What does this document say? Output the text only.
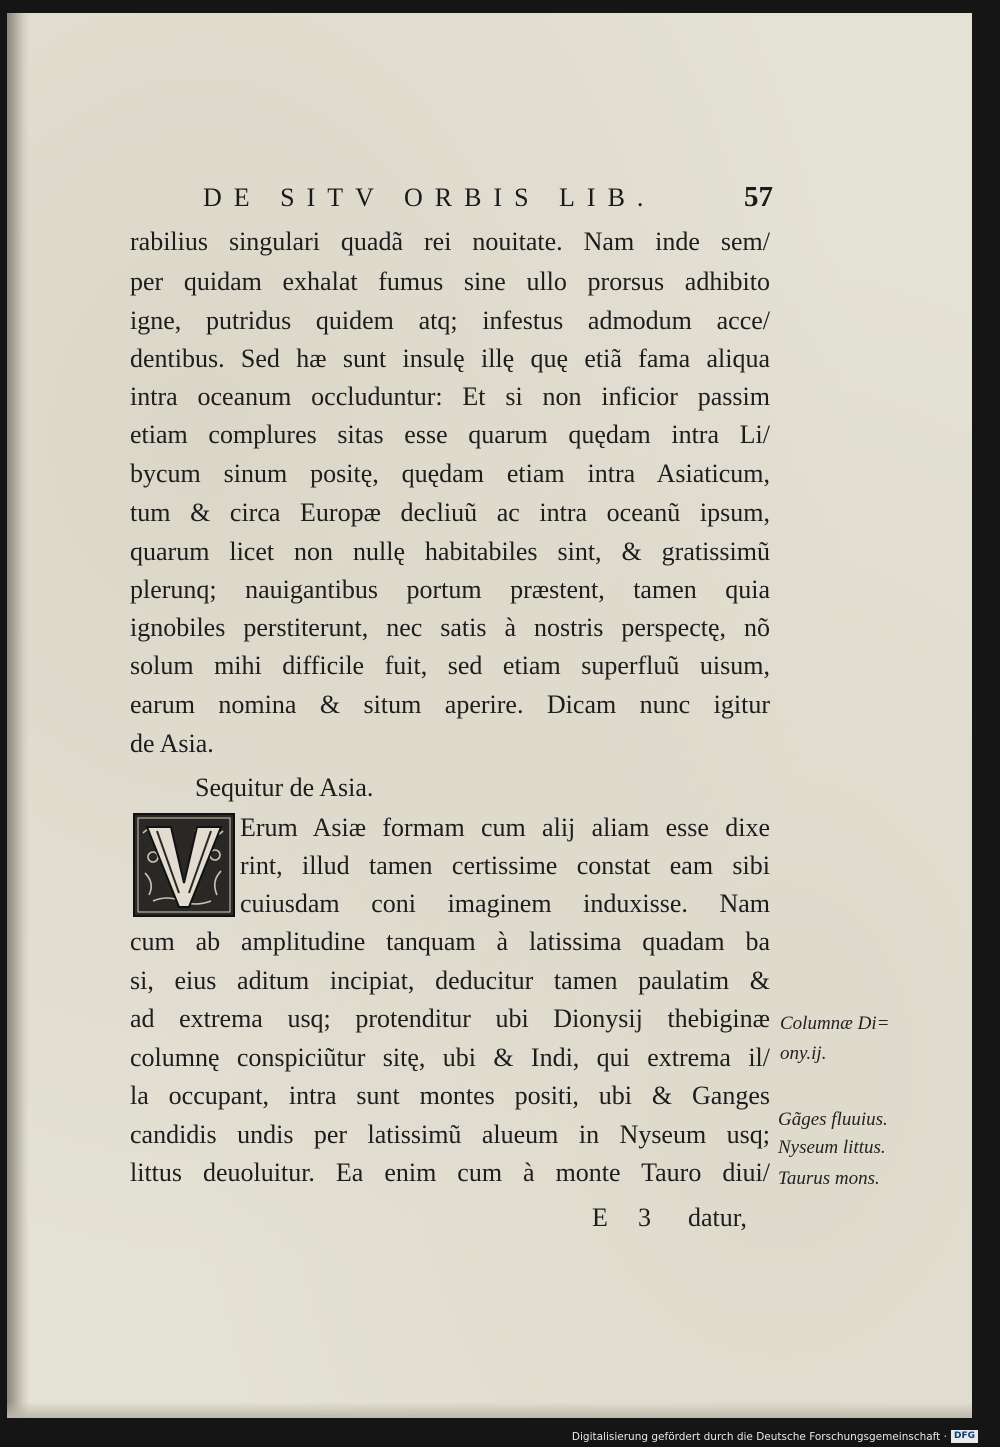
DE SITV ORBIS LIB.	57
rabilius singulari quadã rei nouitate. Nam inde sem/
per quidam exhalat fumus sine ullo prorsus adhibito
igne, putridus quidem atq; infestus admodum acce/
dentibus. Sed hæ sunt insulę illę quę etiã fama aliqua
intra oceanum occluduntur: Et si non inficior passim
etiam complures sitas esse quarum quędam intra Li/
bycum sinum positę, quędam etiam intra Asiaticum,
tum & circa Europæ decliuũ ac intra oceanũ ipsum,
quarum licet non nullę habitabiles sint, & gratissimũ
plerunq; nauigantibus portum præstent, tamen quia
ignobiles perstiterunt, nec satis à nostris perspectę, nõ
solum mihi difficile fuit, sed etiam superfluũ uisum,
earum nomina & situm aperire. Dicam nunc igitur
de Asia.
Erum Asiæ formam cum alij aliam esse dixe
rint, illud tamen certissime constat eam sibi
cuiusdam coni imaginem induxisse. Nam
cum ab amplitudine tanquam à latissima quadam ba
si, eius aditum incipiat, deducitur tamen paulatim &
ad extrema usq; protenditur ubi Dionysij thebiginæ
columnę conspiciũtur sitę, ubi & Indi, qui extrema il/
la occupant, intra sunt montes positi, ubi & Ganges
candidis undis per latissimũ alueum in Nyseum usq;
littus deuoluitur. Ea enim cum à monte Tauro diui/
Sequitur de Asia.
Columnæ Di=
ony.ij.
Gãges fluuius.
Nyseum littus.
Taurus mons.
E 3 datur,
Digitalisierung gefördert durch die Deutsche Forschungsgemeinschaft · DFG
